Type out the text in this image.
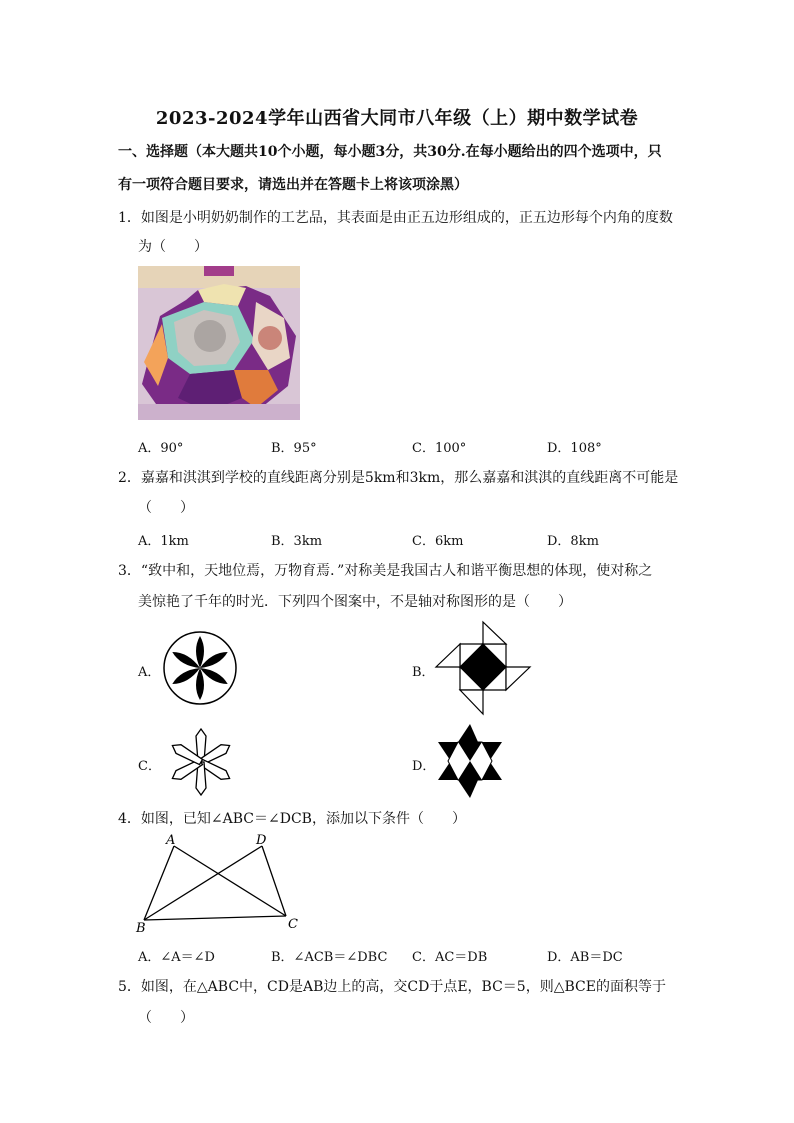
2023-2024学年山西省大同市八年级（上）期中数学试卷
一、选择题（本大题共10个小题，每小题3分，共30分.在每小题给出的四个选项中，只
有一项符合题目要求，请选出并在答题卡上将该项涂黑）
1．如图是小明奶奶制作的工艺品，其表面是由正五边形组成的，正五边形每个内角的度数
为（　　）
A．90°	B．95°	C．100°	D．108°
2．嘉嘉和淇淇到学校的直线距离分别是5km和3km，那么嘉嘉和淇淇的直线距离不可能是
（　　）
A．1km	B．3km	C．6km	D．8km
3．“致中和，天地位焉，万物育焉．”对称美是我国古人和谐平衡思想的体现，使对称之
美惊艳了千年的时光．下列四个图案中，不是轴对称图形的是（　　）
A．	B．
C．	D．
4．如图，已知∠ABC＝∠DCB，添加以下条件（　　）
A	D
B	C
A．∠A＝∠D	B．∠ACB＝∠DBC C．AC＝DB	D．AB＝DC
5．如图，在△ABC中，CD是AB边上的高，交CD于点E，BC＝5，则△BCE的面积等于
（　　）
